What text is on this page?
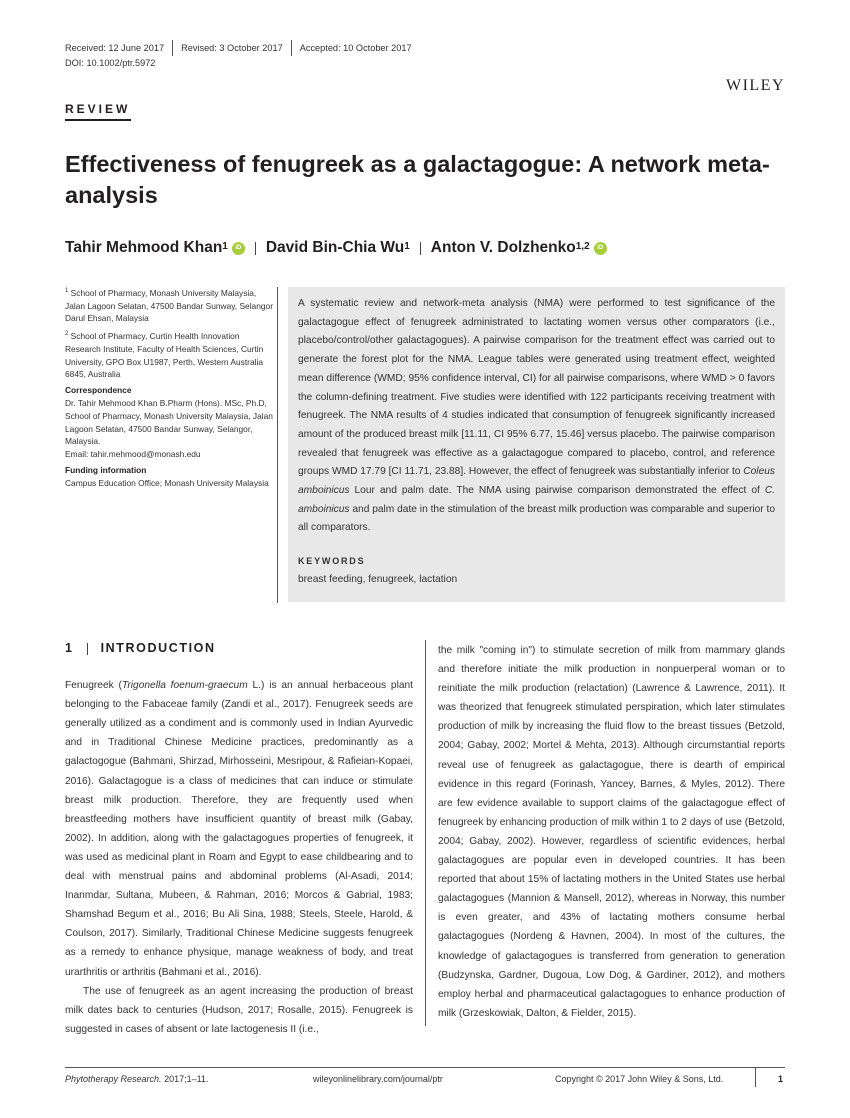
Received: 12 June 2017 Revised: 3 October 2017 Accepted: 10 October 2017
DOI: 10.1002/ptr.5972
WILEY
REVIEW
Effectiveness of fenugreek as a galactagogue: A network meta-analysis
Tahir Mehmood Khan$^1$
iD David Bin-Chia Wu$^1$ Anton V. Dolzhenko$^{1,2}$
iD
$^1$ School of Pharmacy, Monash University Malaysia, Jalan Lagoon Selatan, 47500 Bandar Sunway, Selangor Darul Ehsan, Malaysia
$^2$ School of Pharmacy, Curtin Health Innovation Research Institute, Faculty of Health Sciences, Curtin University, GPO Box U1987, Perth, Western Australia 6845, Australia
Correspondence
Dr. Tahir Mehmood Khan B.Pharm (Hons). MSc, Ph.D, School of Pharmacy, Monash University Malaysia, Jalan Lagoon Selatan, 47500 Bandar Sunway, Selangor, Malaysia.
Email: tahir.mehmood@monash.edu
Funding information
Campus Education Office; Monash University Malaysia

A systematic review and network-meta analysis (NMA) were performed to test significance of the galactagogue effect of fenugreek administrated to lactating women versus other comparators (i.e., placebo/control/other galactagogues). A pairwise comparison for the treatment effect was carried out to generate the forest plot for the NMA. League tables were generated using treatment effect, weighted mean difference (WMD; 95% confidence interval, CI) for all pairwise comparisons, where WMD > 0 favors the column-defining treatment. Five studies were identified with 122 participants receiving treatment with fenugreek. The NMA results of 4 studies indicated that consumption of fenugreek significantly increased amount of the produced breast milk [11.11, CI 95% 6.77, 15.46] versus placebo. The pairwise comparison revealed that fenugreek was effective as a galactagogue compared to placebo, control, and reference groups WMD 17.79 [CI 11.71, 23.88]. However, the effect of fenugreek was substantially inferior to Coleus amboinicus Lour and palm date. The NMA using pairwise comparison demonstrated the effect of C. amboinicus and palm date in the stimulation of the breast milk production was comparable and superior to all comparators.

KEYWORDS
breast feeding, fenugreek, lactation
1 INTRODUCTION

Fenugreek (Trigonella foenum-graecum L.) is an annual herbaceous plant belonging to the Fabaceae family (Zandi et al., 2017). Fenugreek seeds are generally utilized as a condiment and is commonly used in Indian Ayurvedic and in Traditional Chinese Medicine practices, predominantly as a galactogogue (Bahmani, Shirzad, Mirhosseini, Mesripour, & Rafieian-Kopaei, 2016). Galactagogue is a class of medicines that can induce or stimulate breast milk production. Therefore, they are frequently used when breastfeeding mothers have insufficient quantity of breast milk (Gabay, 2002). In addition, along with the galactagogues properties of fenugreek, it was used as medicinal plant in Roam and Egypt to ease childbearing and to deal with menstrual pains and abdominal problems (Al-Asadi, 2014; Inanmdar, Sultana, Mubeen, & Rahman, 2016; Morcos & Gabrial, 1983; Shamshad Begum et al., 2016; Bu Ali Sina, 1988; Steels, Steele, Harold, & Coulson, 2017). Similarly, Traditional Chinese Medicine suggests fenugreek as a remedy to enhance physique, manage weakness of body, and treat urarthritis or arthritis (Bahmani et al., 2016).

The use of fenugreek as an agent increasing the production of breast milk dates back to centuries (Hudson, 2017; Rosalle, 2015). Fenugreek is suggested in cases of absent or late lactogenesis II (i.e.,

the milk "coming in") to stimulate secretion of milk from mammary glands and therefore initiate the milk production in nonpuerperal woman or to reinitiate the milk production (relactation) (Lawrence & Lawrence, 2011). It was theorized that fenugreek stimulated perspiration, which later stimulates production of milk by increasing the fluid flow to the breast tissues (Betzold, 2004; Gabay, 2002; Mortel & Mehta, 2013). Although circumstantial reports reveal use of fenugreek as galactagogue, there is dearth of empirical evidence in this regard (Forinash, Yancey, Barnes, & Myles, 2012). There are few evidence available to support claims of the galactagogue effect of fenugreek by enhancing production of milk within 1 to 2 days of use (Betzold, 2004; Gabay, 2002). However, regardless of scientific evidences, herbal galactagogues are popular even in developed countries. It has been reported that about 15% of lactating mothers in the United States use herbal galactagogues (Mannion & Mansell, 2012), whereas in Norway, this number is even greater, and 43% of lactating mothers consume herbal galactagogues (Nordeng & Havnen, 2004). In most of the cultures, the knowledge of galactagogues is transferred from generation to generation (Budzynska, Gardner, Dugoua, Low Dog, & Gardiner, 2012), and mothers employ herbal and pharmaceutical galactagogues to enhance production of milk (Grzeskowiak, Dalton, & Fielder, 2015).

Phytotherapy Research. 2017;1–11.	wileyonlinelibrary.com/journal/ptr	Copyright © 2017 John Wiley & Sons, Ltd.	1
